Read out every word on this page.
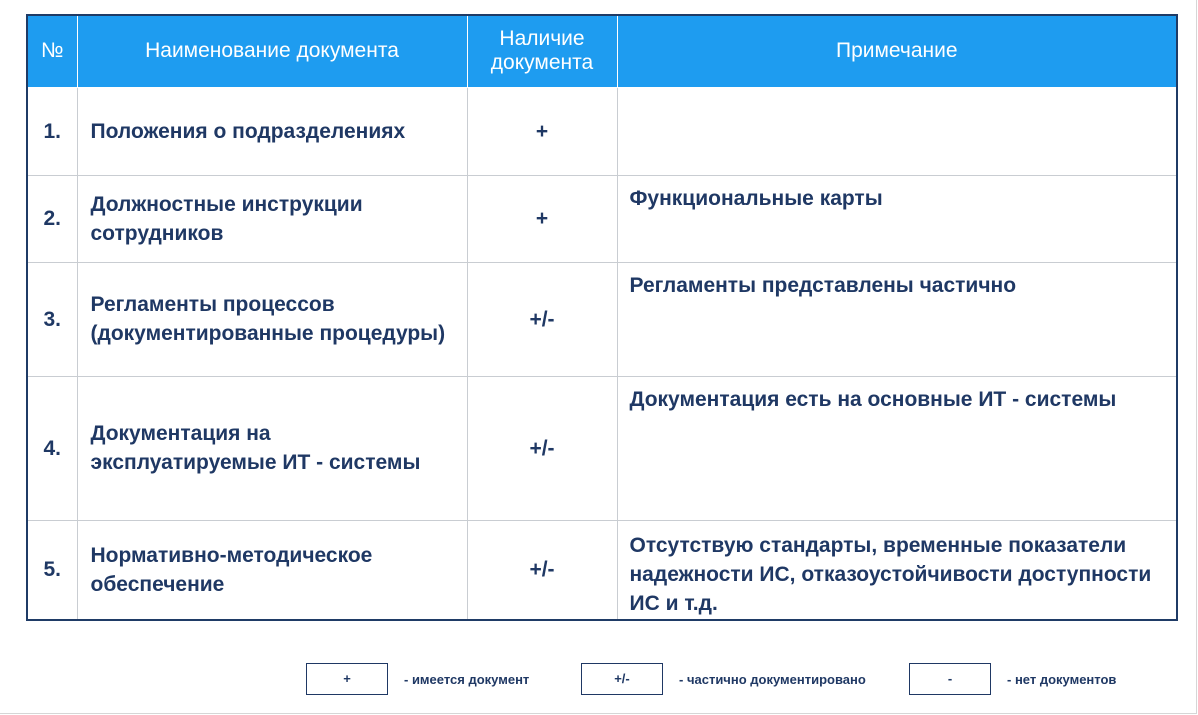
№	Наименование документа	Наличие документа	Примечание
1.	Положения о подразделениях	+	
2.	Должностные инструкции сотрудников	+	Функциональные карты
3.	Регламенты процессов (документированные процедуры)	+/-	Регламенты представлены частично
4.	Документация на эксплуатируемые ИТ - системы	+/-	Документация есть на основные ИТ - системы
5.	Нормативно-методическое обеспечение	+/-	Отсутствую стандарты, временные показатели надежности ИС, отказоустойчивости доступности ИС и т.д.
+	- имеется документ	+/-	- частично документировано	-	- нет документов
